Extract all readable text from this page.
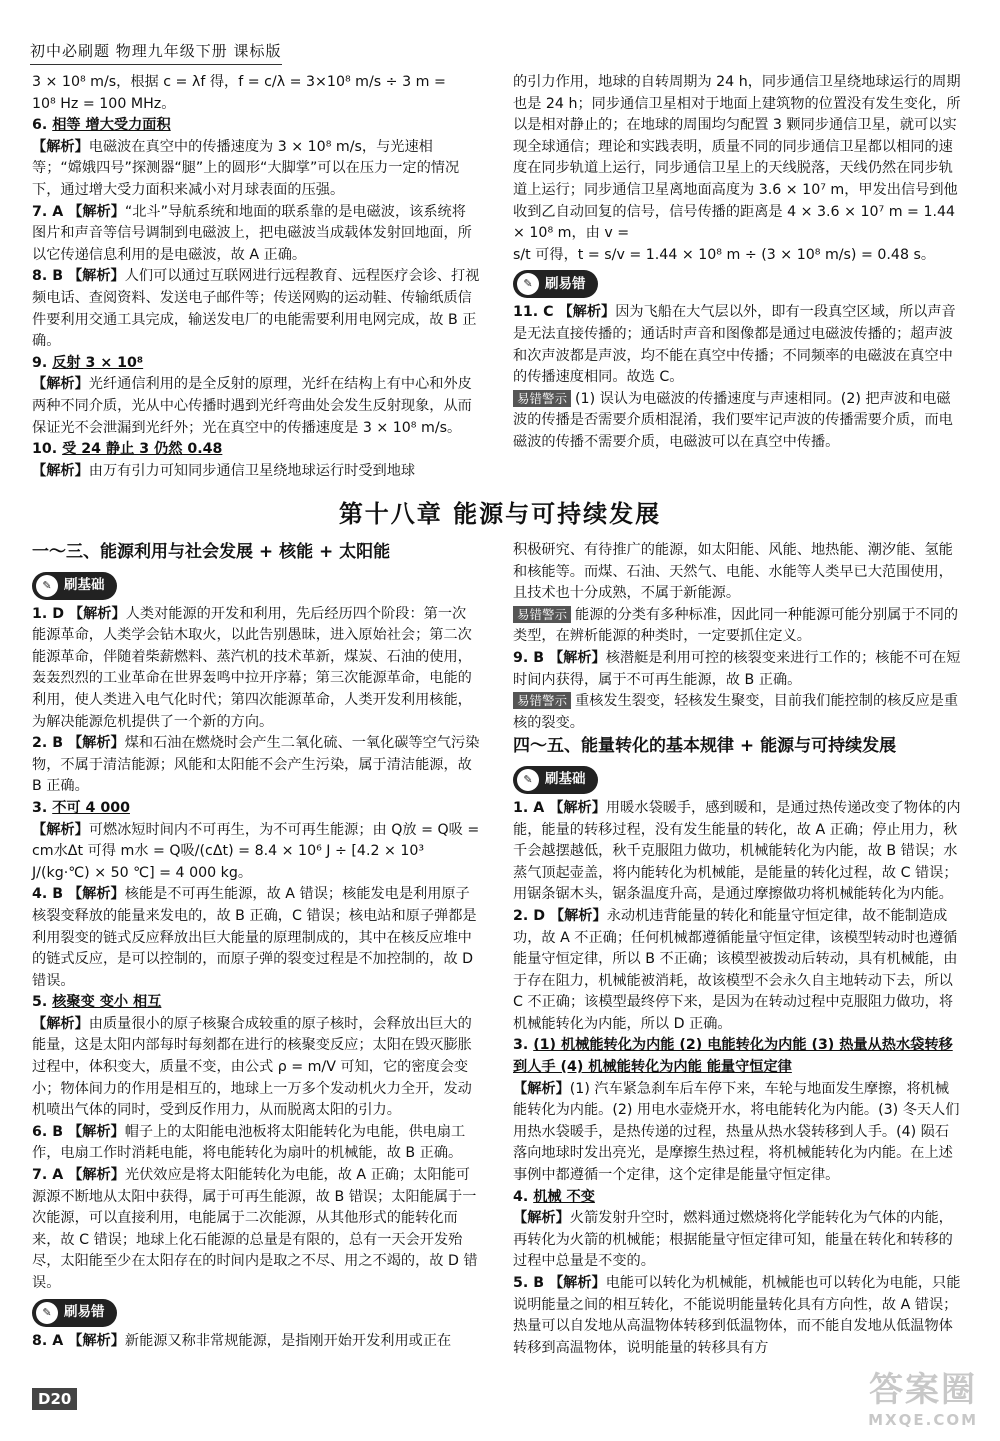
初中必刷题 物理九年级下册 课标版

3 × 10⁸ m/s，根据 c = λf 得，f = c/λ = 3×10⁸ m/s ÷ 3 m =

10⁸ Hz = 100 MHz。

6. 相等 增大受力面积

【解析】电磁波在真空中的传播速度为 3 × 10⁸ m/s，与光速相等；“嫦娥四号”探测器“腿”上的圆形“大脚掌”可以在压力一定的情况下，通过增大受力面积来减小对月球表面的压强。

7. A 【解析】“北斗”导航系统和地面的联系靠的是电磁波，该系统将图片和声音等信号调制到电磁波上，把电磁波当成载体发射回地面，所以它传递信息利用的是电磁波，故 A 正确。

8. B 【解析】人们可以通过互联网进行远程教育、远程医疗会诊、打视频电话、查阅资料、发送电子邮件等；传送网购的运动鞋、传输纸质信件要利用交通工具完成，输送发电厂的电能需要利用电网完成，故 B 正确。

9. 反射 3 × 10⁸

【解析】光纤通信利用的是全反射的原理，光纤在结构上有中心和外皮两种不同介质，光从中心传播时遇到光纤弯曲处会发生反射现象，从而保证光不会泄漏到光纤外；光在真空中的传播速度是 3 × 10⁸ m/s。

10. 受 24 静止 3 仍然 0.48

【解析】由万有引力可知同步通信卫星绕地球运行时受到地球

的引力作用，地球的自转周期为 24 h，同步通信卫星绕地球运行的周期也是 24 h；同步通信卫星相对于地面上建筑物的位置没有发生变化，所以是相对静止的；在地球的周围均匀配置 3 颗同步通信卫星，就可以实现全球通信；理论和实践表明，质量不同的同步通信卫星都以相同的速度在同步轨道上运行，同步通信卫星上的天线脱落，天线仍然在同步轨道上运行；同步通信卫星离地面高度为 3.6 × 10⁷ m，甲发出信号到他收到乙自动回复的信号，信号传播的距离是 4 × 3.6 × 10⁷ m = 1.44 × 10⁸ m，由 v =

s/t 可得，t = s/v = 1.44 × 10⁸ m ÷ (3 × 10⁸ m/s) = 0.48 s。

✎ 刷易错

11. C 【解析】因为飞船在大气层以外，即有一段真空区域，所以声音是无法直接传播的；通话时声音和图像都是通过电磁波传播的；超声波和次声波都是声波，均不能在真空中传播；不同频率的电磁波在真空中的传播速度相同。故选 C。

易错警示 (1) 误认为电磁波的传播速度与声速相同。(2) 把声波和电磁波的传播是否需要介质相混淆，我们要牢记声波的传播需要介质，而电磁波的传播不需要介质，电磁波可以在真空中传播。

第十八章 能源与可持续发展
一～三、能源利用与社会发展 + 核能 + 太阳能
✎ 刷基础

1. D 【解析】人类对能源的开发和利用，先后经历四个阶段：第一次能源革命，人类学会钻木取火，以此告别愚昧，进入原始社会；第二次能源革命，伴随着柴薪燃料、蒸汽机的技术革新，煤炭、石油的使用，轰轰烈烈的工业革命在世界轰鸣中拉开序幕；第三次能源革命，电能的利用，使人类进入电气化时代；第四次能源革命，人类开发利用核能，为解决能源危机提供了一个新的方向。

2. B 【解析】煤和石油在燃烧时会产生二氧化硫、一氧化碳等空气污染物，不属于清洁能源；风能和太阳能不会产生污染，属于清洁能源，故 B 正确。

3. 不可 4 000

【解析】可燃冰短时间内不可再生，为不可再生能源；由 Q放 = Q吸 = cm水Δt 可得 m水 = Q吸/(cΔt) = 8.4 × 10⁶ J ÷ [4.2 × 10³ J/(kg·℃) × 50 ℃] = 4 000 kg。

4. B 【解析】核能是不可再生能源，故 A 错误；核能发电是利用原子核裂变释放的能量来发电的，故 B 正确，C 错误；核电站和原子弹都是利用裂变的链式反应释放出巨大能量的原理制成的，其中在核反应堆中的链式反应，是可以控制的，而原子弹的裂变过程是不加控制的，故 D 错误。

5. 核聚变 变小 相互

【解析】由质量很小的原子核聚合成较重的原子核时，会释放出巨大的能量，这是太阳内部每时每刻都在进行的核聚变反应；太阳在毁灭膨胀过程中，体积变大，质量不变，由公式 ρ = m/V 可知，它的密度会变小；物体间力的作用是相互的，地球上一万多个发动机火力全开，发动机喷出气体的同时，受到反作用力，从而脱离太阳的引力。

6. B 【解析】帽子上的太阳能电池板将太阳能转化为电能，供电扇工作，电扇工作时消耗电能，将电能转化为扇叶的机械能，故 B 正确。

7. A 【解析】光伏效应是将太阳能转化为电能，故 A 正确；太阳能可源源不断地从太阳中获得，属于可再生能源，故 B 错误；太阳能属于一次能源，可以直接利用，电能属于二次能源，从其他形式的能转化而来，故 C 错误；地球上化石能源的总量是有限的，总有一天会开发殆尽，太阳能至少在太阳存在的时间内是取之不尽、用之不竭的，故 D 错误。

✎ 刷易错

8. A 【解析】新能源又称非常规能源，是指刚开始开发利用或正在

积极研究、有待推广的能源，如太阳能、风能、地热能、潮汐能、氢能和核能等。而煤、石油、天然气、电能、水能等人类早已大范围使用，且技术也十分成熟，不属于新能源。

易错警示 能源的分类有多种标准，因此同一种能源可能分别属于不同的类型，在辨析能源的种类时，一定要抓住定义。

9. B 【解析】核潜艇是利用可控的核裂变来进行工作的；核能不可在短时间内获得，属于不可再生能源，故 B 正确。

易错警示 重核发生裂变，轻核发生聚变，目前我们能控制的核反应是重核的裂变。

四～五、能量转化的基本规律 + 能源与可持续发展
✎ 刷基础

1. A 【解析】用暖水袋暖手，感到暖和，是通过热传递改变了物体的内能，能量的转移过程，没有发生能量的转化，故 A 正确；停止用力，秋千会越摆越低，秋千克服阻力做功，机械能转化为内能，故 B 错误；水蒸气顶起壶盖，将内能转化为机械能，是能量的转化过程，故 C 错误；用锯条锯木头，锯条温度升高，是通过摩擦做功将机械能转化为内能。

2. D 【解析】永动机违背能量的转化和能量守恒定律，故不能制造成功，故 A 不正确；任何机械都遵循能量守恒定律，该模型转动时也遵循能量守恒定律，所以 B 不正确；该模型被拨动后转动，具有机械能，由于存在阻力，机械能被消耗，故该模型不会永久自主地转动下去，所以 C 不正确；该模型最终停下来，是因为在转动过程中克服阻力做功，将机械能转化为内能，所以 D 正确。

3. (1) 机械能转化为内能 (2) 电能转化为内能 (3) 热量从热水袋转移到人手 (4) 机械能转化为内能 能量守恒定律

【解析】(1) 汽车紧急刹车后车停下来，车轮与地面发生摩擦，将机械能转化为内能。(2) 用电水壶烧开水，将电能转化为内能。(3) 冬天人们用热水袋暖手，是热传递的过程，热量从热水袋转移到人手。(4) 陨石落向地球时发出亮光，是摩擦生热过程，将机械能转化为内能。在上述事例中都遵循一个定律，这个定律是能量守恒定律。

4. 机械 不变

【解析】火箭发射升空时，燃料通过燃烧将化学能转化为气体的内能，再转化为火箭的机械能；根据能量守恒定律可知，能量在转化和转移的过程中总量是不变的。

5. B 【解析】电能可以转化为机械能，机械能也可以转化为电能，只能说明能量之间的相互转化，不能说明能量转化具有方向性，故 A 错误；热量可以自发地从高温物体转移到低温物体，而不能自发地从低温物体转移到高温物体，说明能量的转移具有方

D20	答案圈
MXQE.COM
